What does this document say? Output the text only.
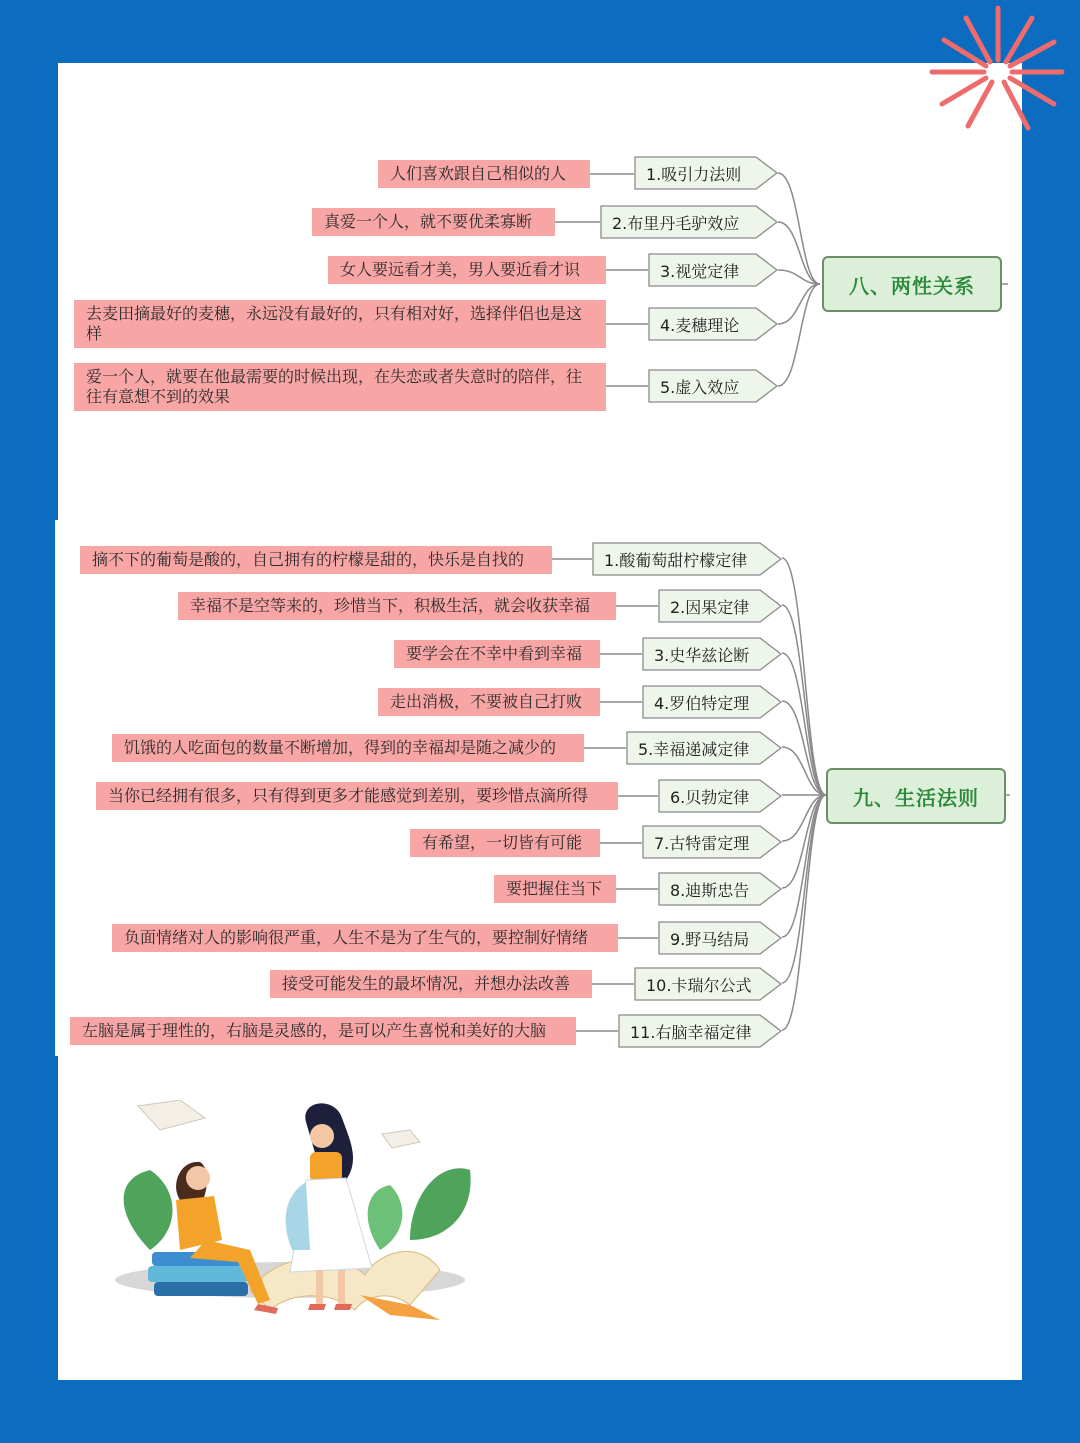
八、两性关系
1.吸引力法则
人们喜欢跟自己相似的人
2.布里丹毛驴效应
真爱一个人，就不要优柔寡断
3.视觉定律
女人要远看才美，男人要近看才识
4.麦穗理论
去麦田摘最好的麦穗，永远没有最好的，只有相对好，选择伴侣也是这样
5.虚入效应
爱一个人，就要在他最需要的时候出现，在失恋或者失意时的陪伴，往往有意想不到的效果
九、生活法则
1.酸葡萄甜柠檬定律
摘不下的葡萄是酸的，自己拥有的柠檬是甜的，快乐是自找的
2.因果定律
幸福不是空等来的，珍惜当下，积极生活，就会收获幸福
3.史华兹论断
要学会在不幸中看到幸福
4.罗伯特定理
走出消极，不要被自己打败
5.幸福递减定律
饥饿的人吃面包的数量不断增加，得到的幸福却是随之减少的
6.贝勃定律
当你已经拥有很多，只有得到更多才能感觉到差别，要珍惜点滴所得
7.古特雷定理
有希望，一切皆有可能
8.迪斯忠告
要把握住当下
9.野马结局
负面情绪对人的影响很严重，人生不是为了生气的，要控制好情绪
10.卡瑞尔公式
接受可能发生的最坏情况，并想办法改善
11.右脑幸福定律
左脑是属于理性的，右脑是灵感的，是可以产生喜悦和美好的大脑
